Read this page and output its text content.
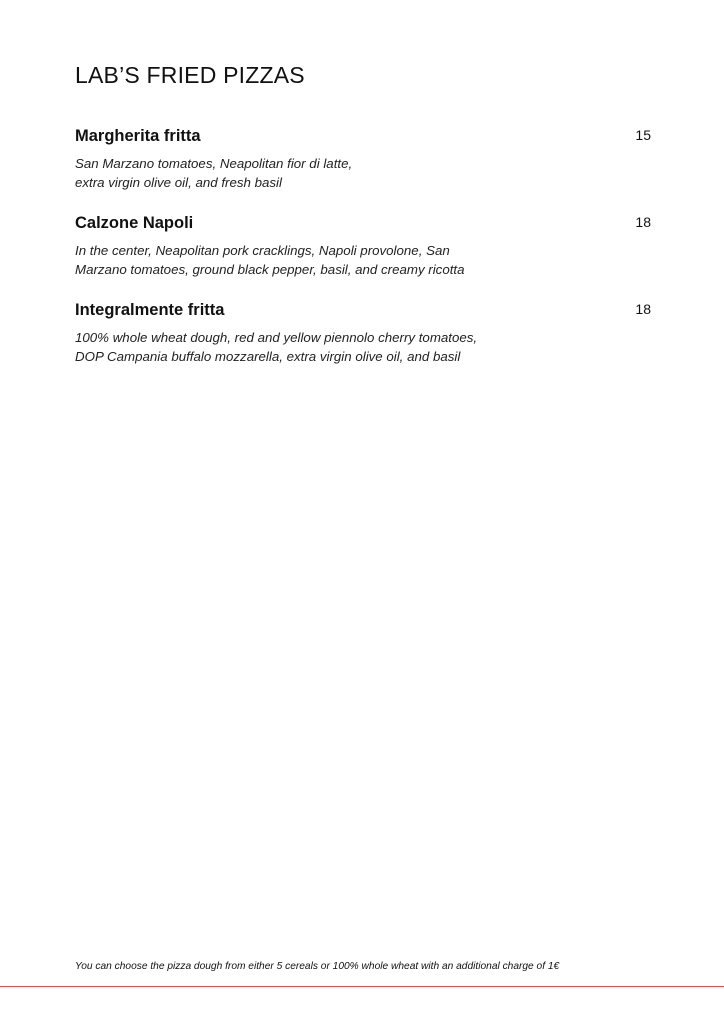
LAB’S FRIED PIZZAS
Margherita fritta	15
San Marzano tomatoes, Neapolitan fior di latte,
extra virgin olive oil, and fresh basil
Calzone Napoli	18
In the center, Neapolitan pork cracklings, Napoli provolone, San
Marzano tomatoes, ground black pepper, basil, and creamy ricotta
Integralmente fritta	18
100% whole wheat dough, red and yellow piennolo cherry tomatoes,
DOP Campania buffalo mozzarella, extra virgin olive oil, and basil
You can choose the pizza dough from either 5 cereals or 100% whole wheat with an additional charge of 1€
